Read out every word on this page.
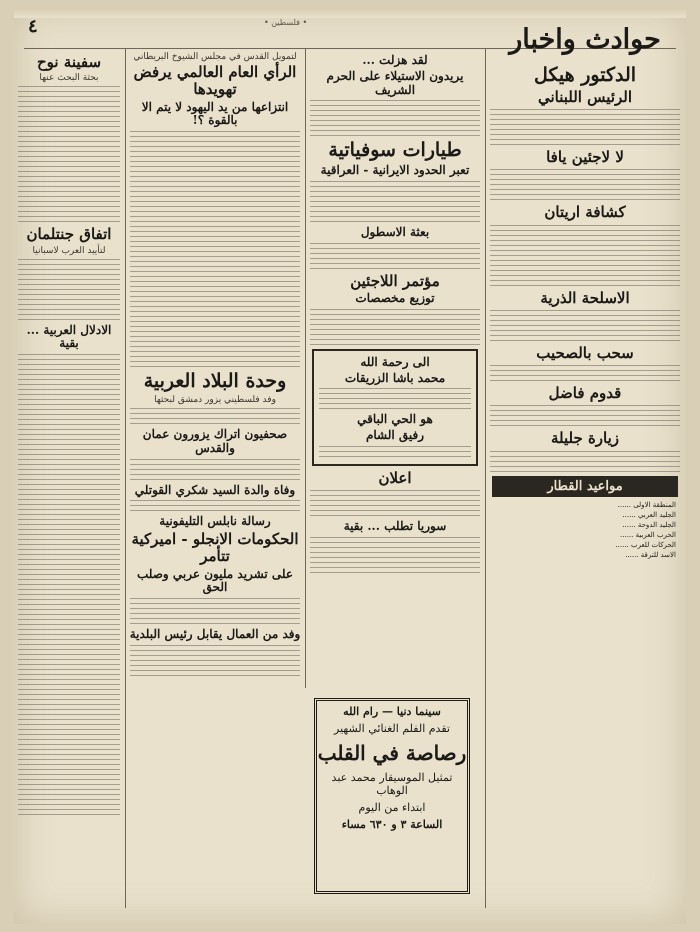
٤	• فلسطين •
حوادث واخبار
الدكتور هيكل
الرئيس اللبناني
لا لاجئين يافا
كشافة اريتان
الاسلحة الذرية
سحب بالصحيب
قدوم فاضل
زيارة جليلة
مواعيد القطار
المنطقة الاولى ......
الجليد العربي ......
الجليد الدوحة ......
الحرب العربية ......
الحركات للعرب ......
الاسد للترقة ......
لقد هزلت ...
يريدون الاستيلاء على الحرم الشريف
طيارات سوفياتية
تعبر الحدود الايرانية - العراقية
بعثة الاسطول
مؤتمر اللاجئين
توزيع مخصصات
الى رحمة الله
محمد باشا الزريقات
هو الحي الباقي
رفيق الشام
اعلان
سوريا تطلب ... بقية
لتمويل القدس في مجلس الشيوخ البريطاني
الرأي العام العالمي يرفض تهويدها
انتزاعها من يد اليهود لا يتم الا بالقوة ؟!
وحدة البلاد العربية
وفد فلسطيني يزور دمشق لبحثها
صحفيون اتراك يزورون عمان والقدس
وفاة والدة السيد شكري القوتلي
رسالة نابلس التليفونية
الحكومات الانجلو - اميركية تتأمر
على تشريد مليون عربي وصلب الحق
وفد من العمال يقابل رئيس البلدية
سفينة نوح
بحثة البحث عنها
اتفاق جنتلمان
لتأييد العرب لاسبانيا
الادلال العربية ... بقية
سينما دنيا — رام الله
تقدم الفلم الغنائي الشهير
رصاصة في القلب
تمثيل الموسيقار محمد عبد الوهاب
ابتداء من اليوم
الساعة ٣ و ٦٣٠ مساء
